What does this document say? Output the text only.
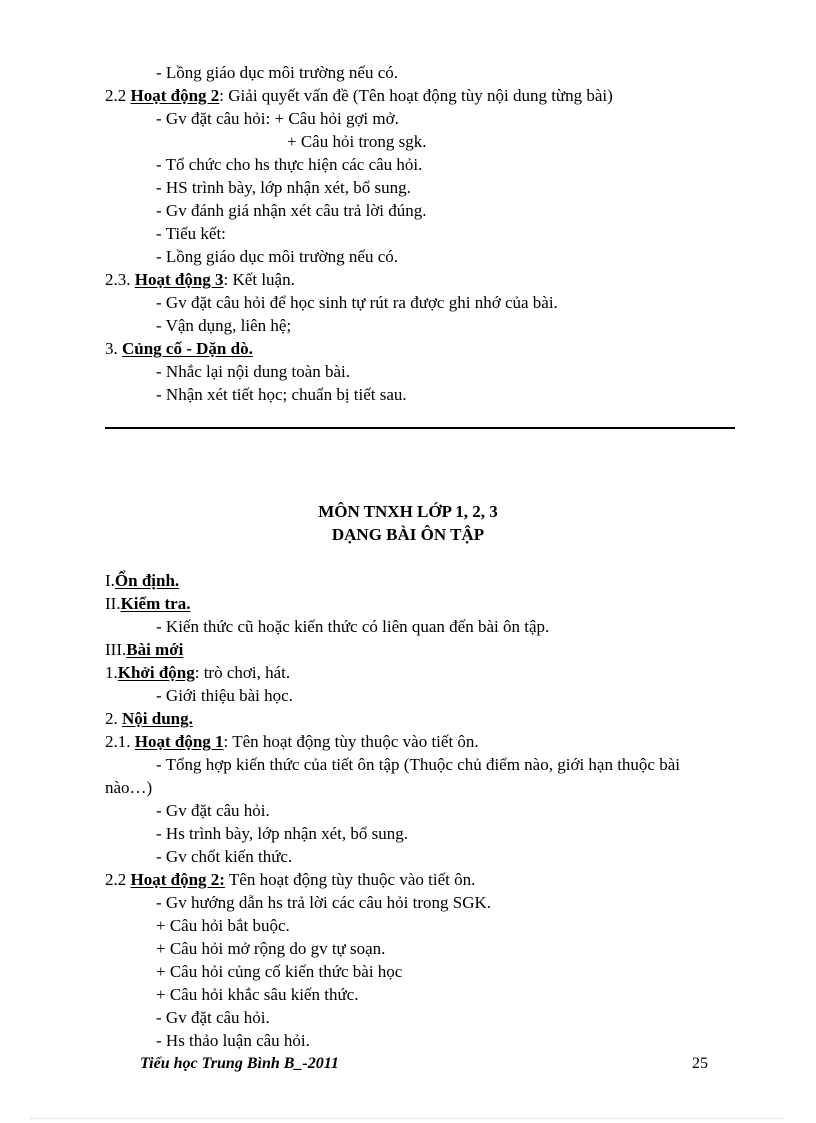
- Lồng giáo dục môi trường nếu có.
2.2 Hoạt động 2: Giải quyết vấn đề (Tên hoạt động tùy nội dung từng bài)
- Gv đặt câu hỏi: + Câu hỏi gợi mở.
+ Câu hỏi trong sgk.
- Tổ chức cho hs thực hiện các câu hỏi.
- HS trình bày, lớp nhận xét, bổ sung.
- Gv đánh giá nhận xét câu trả lời đúng.
- Tiểu kết:
- Lồng giáo dục môi trường nếu có.
2.3. Hoạt động 3: Kết luận.
- Gv đặt câu hỏi để học sinh tự rút ra được ghi nhớ của bài.
- Vận dụng, liên hệ;
3. Củng cố - Dặn dò.
- Nhắc lại nội dung toàn bài.
- Nhận xét tiết học; chuẩn bị tiết sau.
MÔN TNXH LỚP 1, 2, 3
DẠNG BÀI ÔN TẬP
I.Ổn định.
II.Kiểm tra.
- Kiến thức cũ hoặc kiến thức có liên quan đến bài ôn tập.
III.Bài mới
1.Khởi động: trò chơi, hát.
- Giới thiệu bài học.
2. Nội dung.
2.1. Hoạt động 1: Tên hoạt động tùy thuộc vào tiết ôn.
- Tổng hợp kiến thức của tiết ôn tập (Thuộc chủ điểm nào, giới hạn thuộc bài
nào…)
- Gv đặt câu hỏi.
- Hs trình bày, lớp nhận xét, bổ sung.
- Gv chốt kiến thức.
2.2 Hoạt động 2: Tên hoạt động tùy thuộc vào tiết ôn.
- Gv hướng dẫn hs trả lời các câu hỏi trong SGK.
+ Câu hỏi bắt buộc.
+ Câu hỏi mở rộng do gv tự soạn.
+ Câu hỏi củng cố kiến thức bài học
+ Câu hỏi khắc sâu kiến thức.
- Gv đặt câu hỏi.
- Hs thảo luận câu hỏi.
Tiểu học Trung Bình B_-2011	25
